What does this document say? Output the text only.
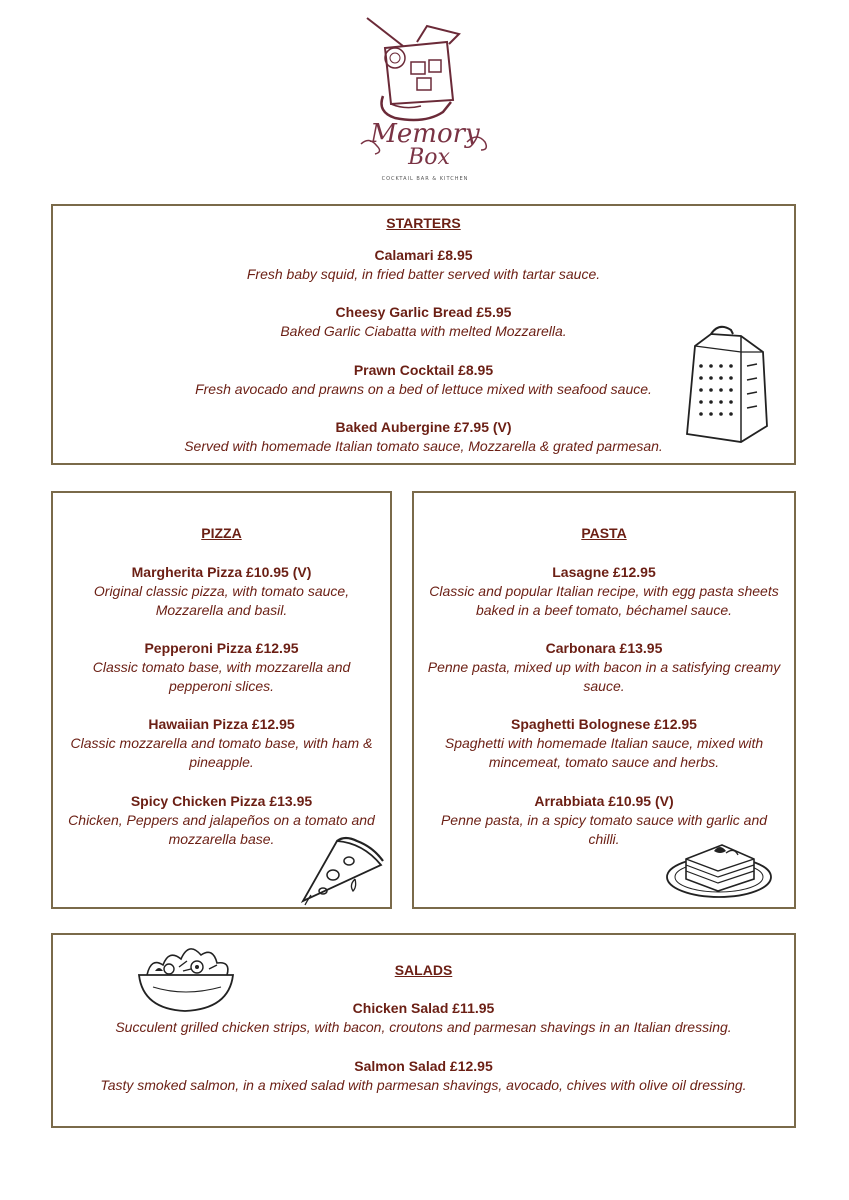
Memory
Box
COCKTAIL BAR & KITCHEN
STARTERS
Calamari £8.95
Fresh baby squid, in fried batter served with tartar sauce.
Cheesy Garlic Bread £5.95
Baked Garlic Ciabatta with melted Mozzarella.
Prawn Cocktail £8.95
Fresh avocado and prawns on a bed of lettuce mixed with seafood sauce.
Baked Aubergine £7.95 (V)
Served with homemade Italian tomato sauce, Mozzarella & grated parmesan.
PIZZA
Margherita Pizza £10.95 (V)
Original classic pizza, with tomato sauce, Mozzarella and basil.
Pepperoni Pizza £12.95
Classic tomato base, with mozzarella and pepperoni slices.
Hawaiian Pizza £12.95
Classic mozzarella and tomato base, with ham & pineapple.
Spicy Chicken Pizza £13.95
Chicken, Peppers and jalapeños on a tomato and mozzarella base.
PASTA
Lasagne £12.95
Classic and popular Italian recipe, with egg pasta sheets baked in a beef tomato, béchamel sauce.
Carbonara £13.95
Penne pasta, mixed up with bacon in a satisfying creamy sauce.
Spaghetti Bolognese £12.95
Spaghetti with homemade Italian sauce, mixed with mincemeat, tomato sauce and herbs.
Arrabbiata £10.95 (V)
Penne pasta, in a spicy tomato sauce with garlic and chilli.
SALADS
Chicken Salad £11.95
Succulent grilled chicken strips, with bacon, croutons and parmesan shavings in an Italian dressing.
Salmon Salad £12.95
Tasty smoked salmon, in a mixed salad with parmesan shavings, avocado, chives with olive oil dressing.
